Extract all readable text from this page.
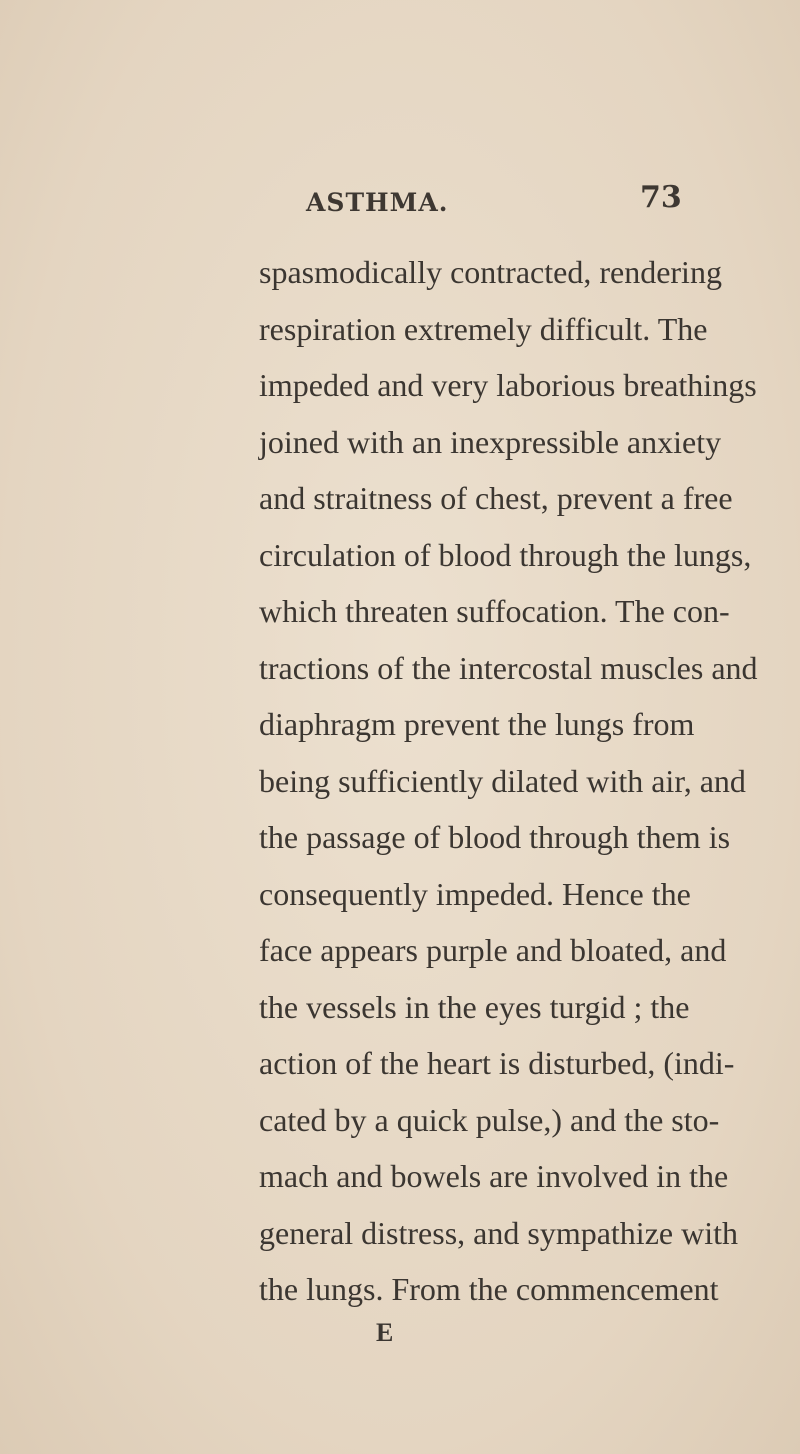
ASTHMA.	73
spasmodically contracted, rendering
respiration extremely difficult. The
impeded and very laborious breathings
joined with an inexpressible anxiety
and straitness of chest, prevent a free
circulation of blood through the lungs,
which threaten suffocation. The con-
tractions of the intercostal muscles and
diaphragm prevent the lungs from
being sufficiently dilated with air, and
the passage of blood through them is
consequently impeded. Hence the
face appears purple and bloated, and
the vessels in the eyes turgid ; the
action of the heart is disturbed, (indi-
cated by a quick pulse,) and the sto-
mach and bowels are involved in the
general distress, and sympathize with
the lungs. From the commencement
E
